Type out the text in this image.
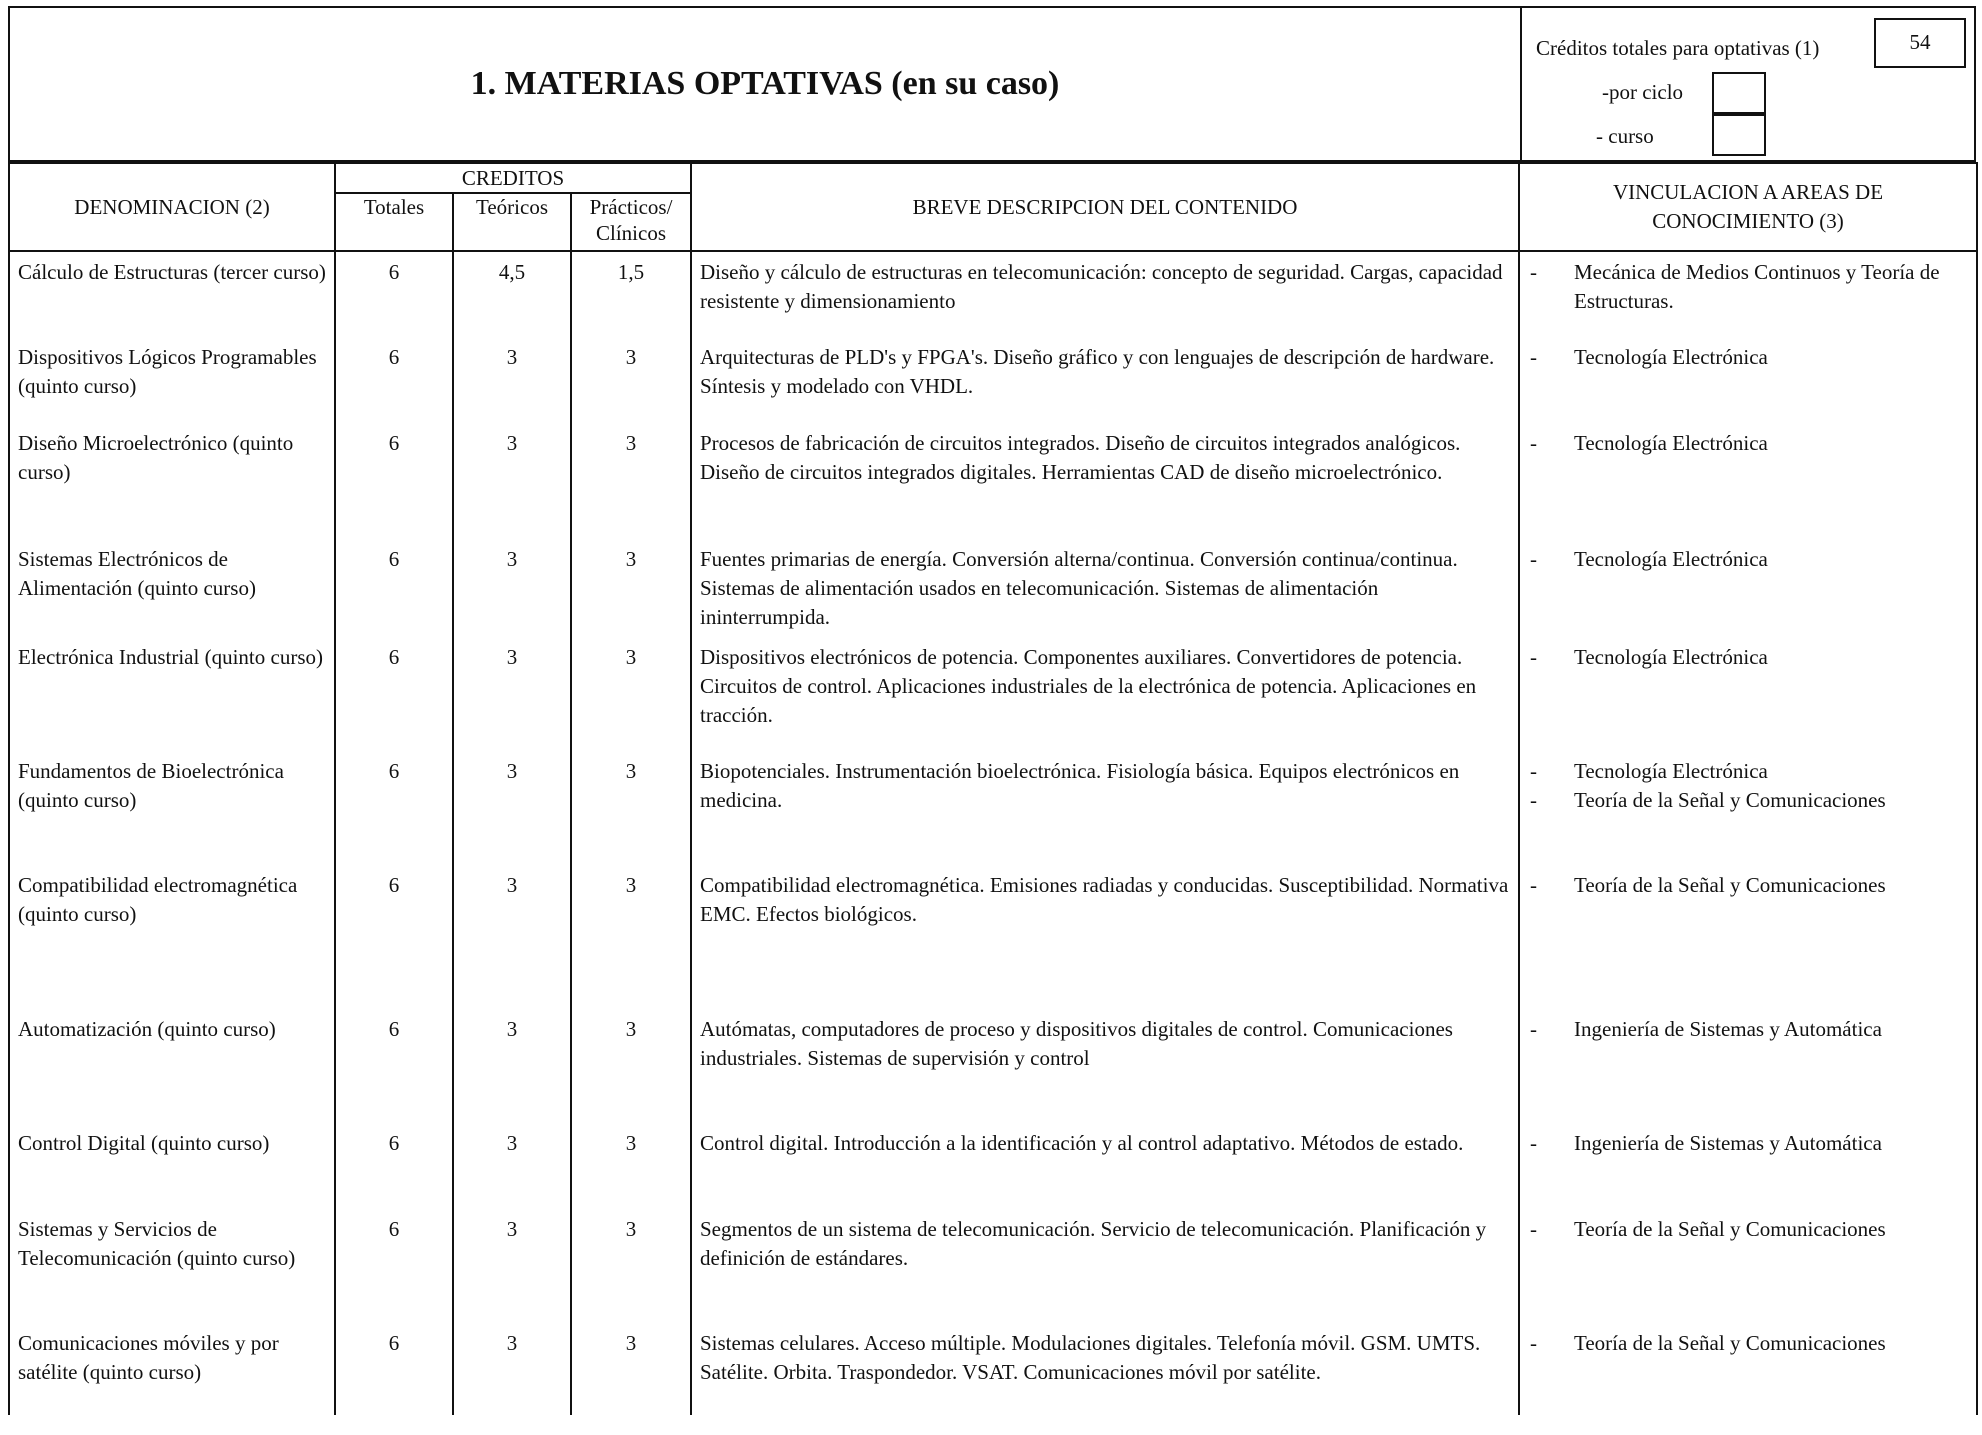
1. MATERIAS OPTATIVAS (en su caso)
Créditos totales para optativas (1)	54
-por ciclo
- curso
DENOMINACION (2)	CREDITOS			BREVE DESCRIPCION DEL CONTENIDO	VINCULACION A AREAS DE CONOCIMIENTO (3)
	Totales	Teóricos	Prácticos/ Clínicos		
Cálculo de Estructuras (tercer curso)	6	4,5	1,5	Diseño y cálculo de estructuras en telecomunicación: concepto de seguridad. Cargas, capacidad resistente y dimensionamiento	- Mecánica de Medios Continuos y Teoría de Estructuras.

Dispositivos Lógicos Programables (quinto curso)	6	3	3	Arquitecturas de PLD's y FPGA's. Diseño gráfico y con lenguajes de descripción de hardware. Síntesis y modelado con VHDL.	- Tecnología Electrónica

Diseño Microelectrónico (quinto curso)	6	3	3	Procesos de fabricación de circuitos integrados. Diseño de circuitos integrados analógicos. Diseño de circuitos integrados digitales. Herramientas CAD de diseño microelectrónico.	- Tecnología Electrónica

Sistemas Electrónicos de Alimentación (quinto curso)	6	3	3	Fuentes primarias de energía. Conversión alterna/continua. Conversión continua/continua. Sistemas de alimentación usados en telecomunicación. Sistemas de alimentación ininterrumpida.	- Tecnología Electrónica

Electrónica Industrial (quinto curso)	6	3	3	Dispositivos electrónicos de potencia. Componentes auxiliares. Convertidores de potencia. Circuitos de control. Aplicaciones industriales de la electrónica de potencia. Aplicaciones en tracción.	- Tecnología Electrónica

Fundamentos de Bioelectrónica (quinto curso)	6	3	3	Biopotenciales. Instrumentación bioelectrónica. Fisiología básica. Equipos electrónicos en medicina.	- Tecnología Electrónica
- Teoría de la Señal y Comunicaciones

Compatibilidad electromagnética (quinto curso)	6	3	3	Compatibilidad electromagnética. Emisiones radiadas y conducidas. Susceptibilidad. Normativa EMC. Efectos biológicos.	- Teoría de la Señal y Comunicaciones

Automatización (quinto curso)	6	3	3	Autómatas, computadores de proceso y dispositivos digitales de control. Comunicaciones industriales. Sistemas de supervisión y control	- Ingeniería de Sistemas y Automática

Control Digital (quinto curso)	6	3	3	Control digital. Introducción a la identificación y al control adaptativo. Métodos de estado.	- Ingeniería de Sistemas y Automática

Sistemas y Servicios de Telecomunicación (quinto curso)	6	3	3	Segmentos de un sistema de telecomunicación. Servicio de telecomunicación. Planificación y definición de estándares.	- Teoría de la Señal y Comunicaciones

Comunicaciones móviles y por satélite (quinto curso)	6	3	3	Sistemas celulares. Acceso múltiple. Modulaciones digitales. Telefonía móvil. GSM. UMTS. Satélite. Orbita. Traspondedor. VSAT. Comunicaciones móvil por satélite.	- Teoría de la Señal y Comunicaciones
